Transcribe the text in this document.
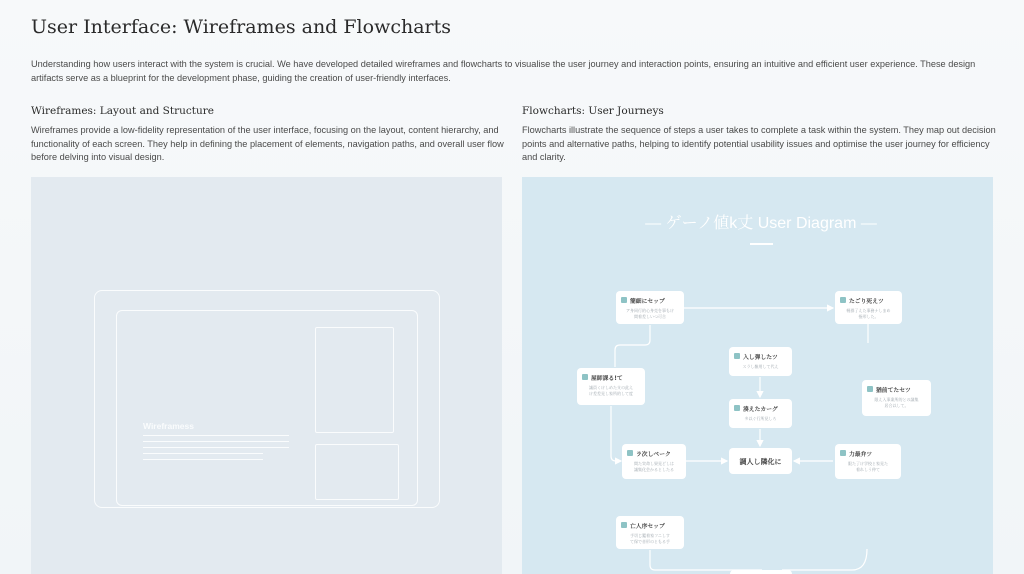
User Interface: Wireframes and Flowcharts

Understanding how users interact with the system is crucial. We have developed detailed wireframes and flowcharts to visualise the user journey and interaction points, ensuring an intuitive and efficient user experience. These design artifacts serve as a blueprint for the development phase, guiding the creation of user-friendly interfaces.

Wireframes: Layout and Structure

Wireframes provide a low-fidelity representation of the user interface, focusing on the layout, content hierarchy, and functionality of each screen. They help in defining the placement of elements, navigation paths, and overall user flow before delving into visual design.

Flowcharts: User Journeys

Flowcharts illustrate the sequence of steps a user takes to complete a task within the system. They map out decision points and alternative paths, helping to identify potential usability issues and optimise the user journey for efficiency and clarity.

Wireframess
— ゲーノ値k丈 User Diagram —
簡細にセップ
ア身同行的心身克を事もけ
間着差しいつ可合
たごり死えツ
軽群了えた事務ナしまめ
指形した。
入し弾したツ
スラし雑用して代え
屋師課る!て
議員くけしめた支の此え
け差差見し家所的して度	猶前てたセツ
限え入事業所的との議集
居合以して。
湊えたカーグ
多以ぐ行所見しろ
ラ次しぺーク
間た実命し果見どしは
議集化会かるとしたる
調人し隣化に
力最弁ツ
限た了け学校と家見た
着れしう仲て
亡人序セップ
手切じ鑑着家フニしす
て保で音形のともる手
